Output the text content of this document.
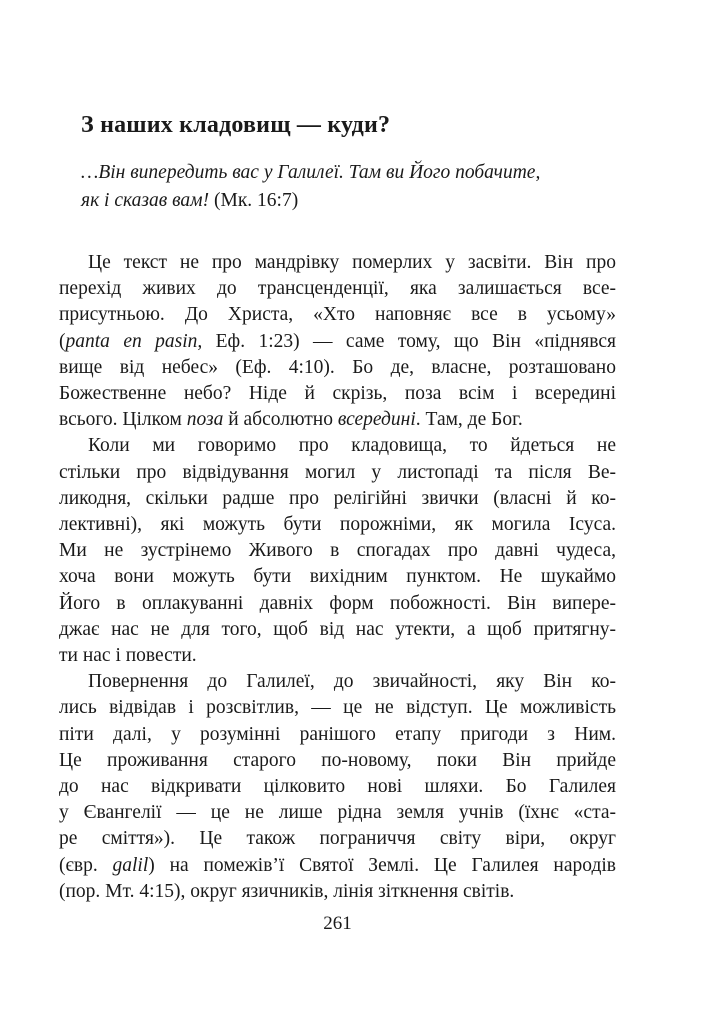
З наших кладовищ — куди?
…Він випередить вас у Галилеї. Там ви Його побачите,
як і сказав вам! (Мк. 16:7)
Це текст не про мандрівку померлих у засвіти. Він про
перехід живих до трансценденції, яка залишається все-
присутньою. До Христа, «Хто наповняє все в усьому»
(panta en pasin, Еф. 1:23) — саме тому, що Він «піднявся
вище від небес» (Еф. 4:10). Бо де, власне, розташовано
Божественне небо? Ніде й скрізь, поза всім і всередині
всього. Цілком поза й абсолютно всередині. Там, де Бог.
Коли ми говоримо про кладовища, то йдеться не
стільки про відвідування могил у листопаді та після Ве-
ликодня, скільки радше про релігійні звички (власні й ко-
лективні), які можуть бути порожніми, як могила Ісуса.
Ми не зустрінемо Живого в спогадах про давні чудеса,
хоча вони можуть бути вихідним пунктом. Не шукаймо
Його в оплакуванні давніх форм побожності. Він випере-
джає нас не для того, щоб від нас утекти, а щоб притягну-
ти нас і повести.
Повернення до Галилеї, до звичайності, яку Він ко-
лись відвідав і розсвітлив, — це не відступ. Це можливість
піти далі, у розумінні ранішого етапу пригоди з Ним.
Це проживання старого по-новому, поки Він прийде
до нас відкривати цілковито нові шляхи. Бо Галилея
у Євангелії — це не лише рідна земля учнів (їхнє «ста-
ре сміття»). Це також пограниччя світу віри, округ
(євр. galil) на помежів’ї Святої Землі. Це Галилея народів
(пор. Мт. 4:15), округ язичників, лінія зіткнення світів.
261
